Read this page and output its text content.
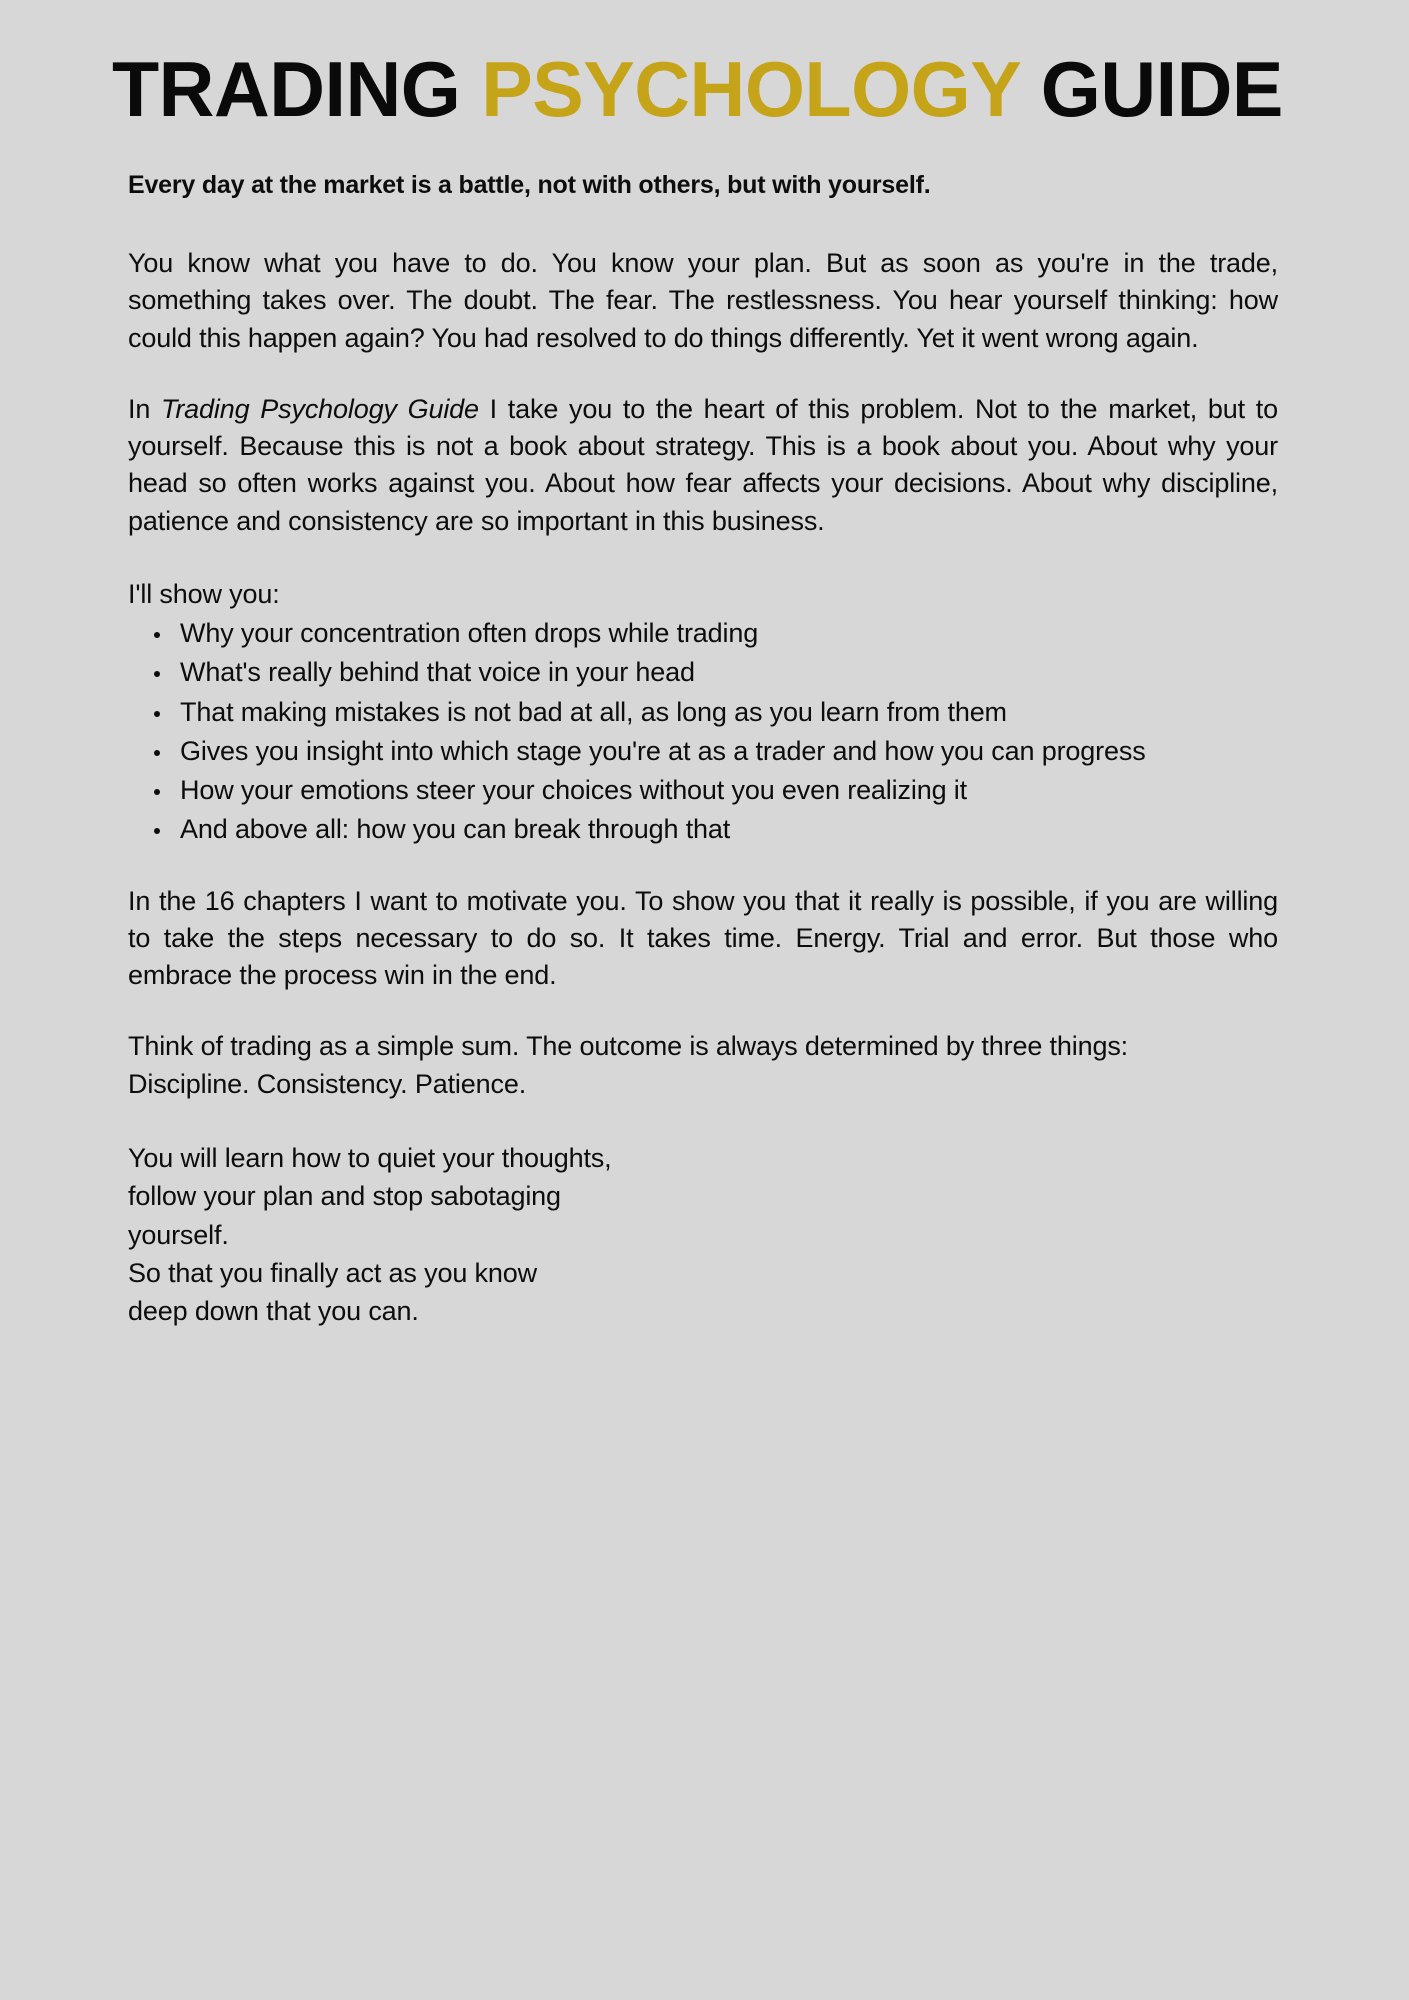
TRADING PSYCHOLOGY GUIDE
Every day at the market is a battle, not with others, but with yourself.

You know what you have to do. You know your plan. But as soon as you're in the trade, something takes over. The doubt. The fear. The restlessness. You hear yourself thinking: how could this happen again? You had resolved to do things differently. Yet it went wrong again.

In Trading Psychology Guide I take you to the heart of this problem. Not to the market, but to yourself. Because this is not a book about strategy. This is a book about you. About why your head so often works against you. About how fear affects your decisions. About why discipline, patience and consistency are so important in this business.

I'll show you:

Why your concentration often drops while trading
What's really behind that voice in your head
That making mistakes is not bad at all, as long as you learn from them
Gives you insight into which stage you're at as a trader and how you can progress
How your emotions steer your choices without you even realizing it
And above all: how you can break through that

In the 16 chapters I want to motivate you. To show you that it really is possible, if you are willing to take the steps necessary to do so. It takes time. Energy. Trial and error. But those who embrace the process win in the end.

Think of trading as a simple sum. The outcome is always determined by three things:

Discipline. Consistency. Patience.

You will learn how to quiet your thoughts,
follow your plan and stop sabotaging
yourself.
So that you finally act as you know
deep down that you can.
